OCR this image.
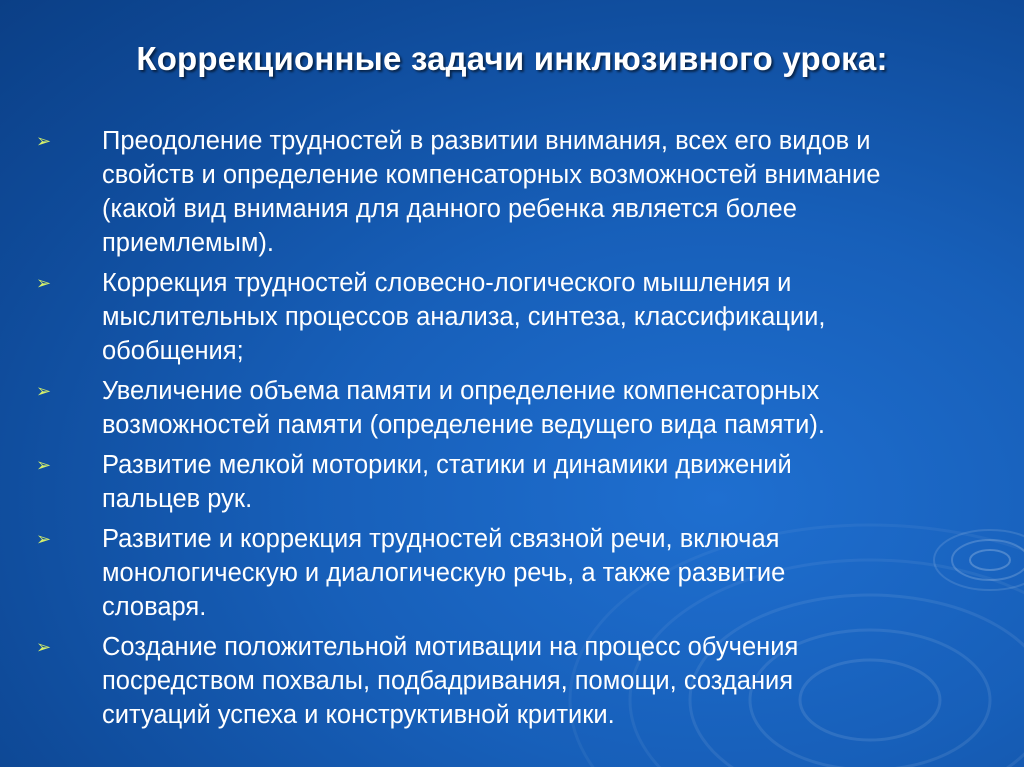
Коррекционные задачи инклюзивного урока:
➢	Преодоление трудностей в развитии внимания, всех его видов и
свойств и определение компенсаторных возможностей внимание
(какой вид внимания для данного ребенка является более
приемлемым).
➢	Коррекция трудностей словесно-логического мышления и
мыслительных процессов анализа, синтеза, классификации,
обобщения;
➢	Увеличение объема памяти и определение компенсаторных
возможностей памяти (определение ведущего вида памяти).
➢	Развитие мелкой моторики, статики и динамики движений
пальцев рук.
➢	Развитие и коррекция трудностей связной речи, включая
монологическую и диалогическую речь, а также развитие
словаря.
➢	Создание положительной мотивации на процесс обучения
посредством похвалы, подбадривания, помощи, создания
ситуаций успеха и конструктивной критики.
